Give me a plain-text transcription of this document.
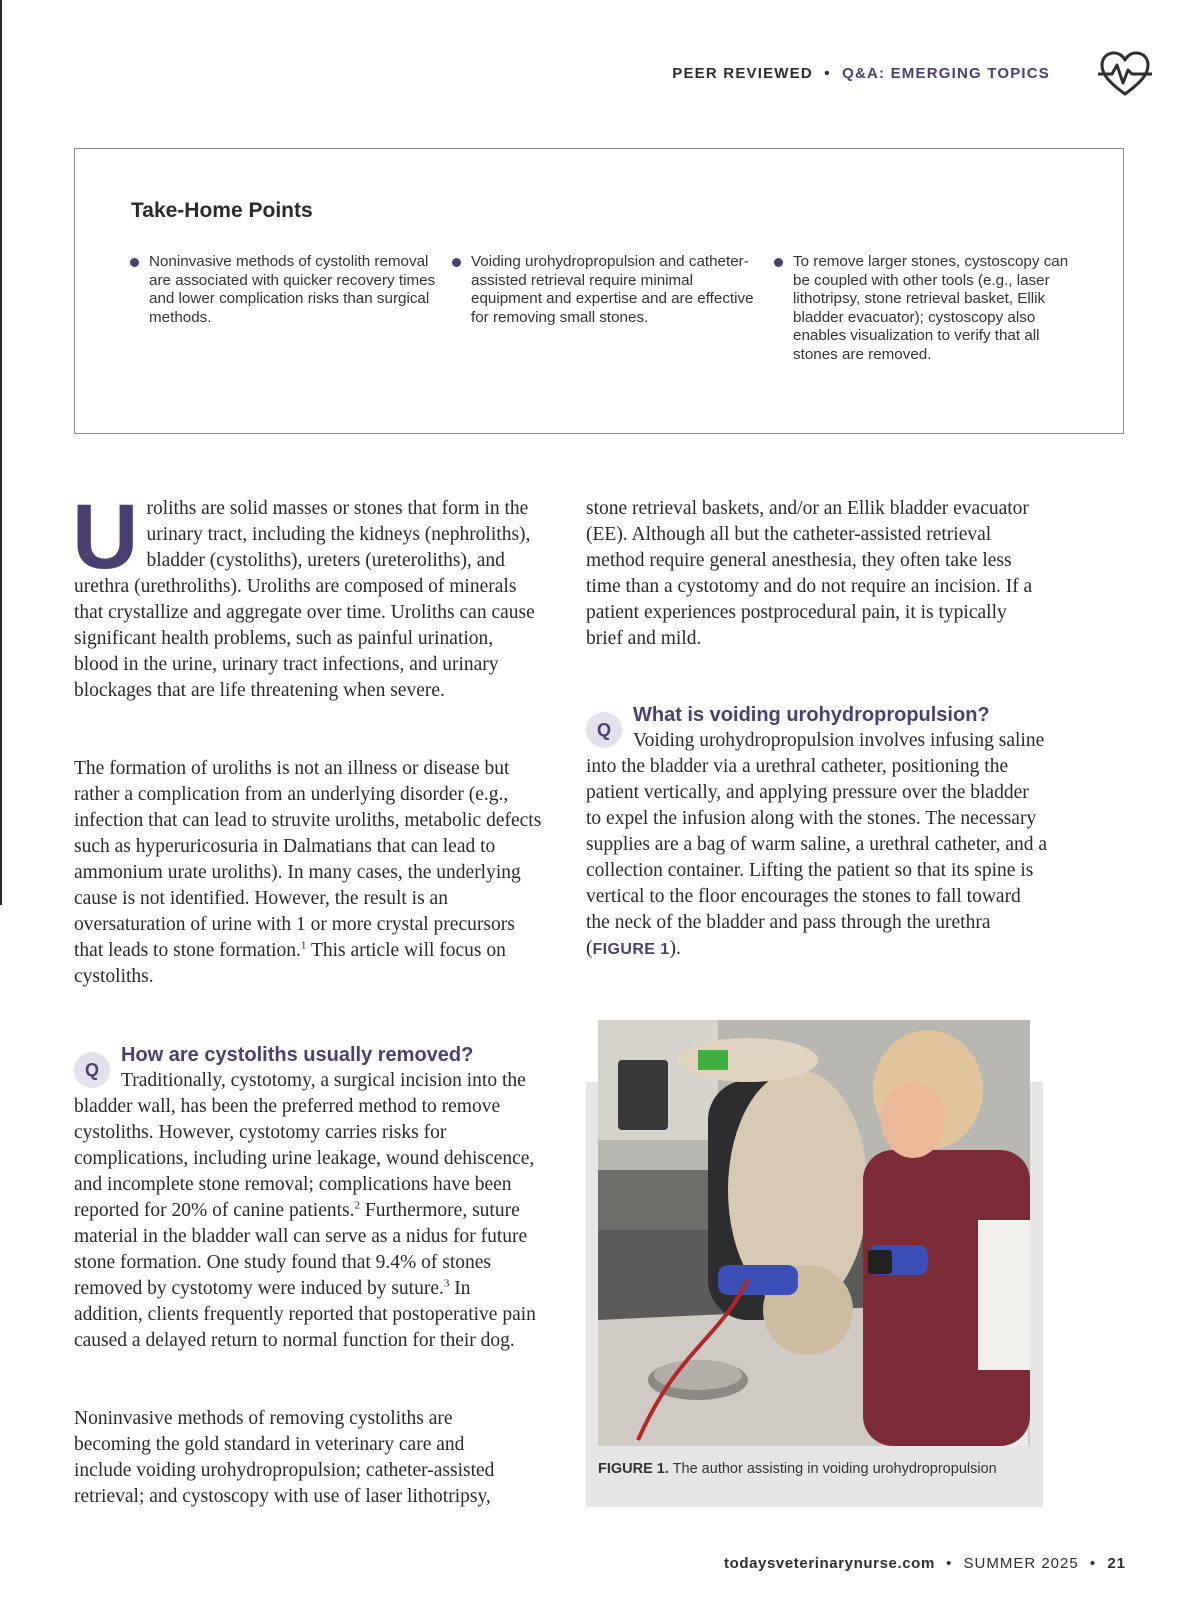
PEER REVIEWED • Q&A: EMERGING TOPICS
Take-Home Points
Noninvasive methods of cystolith removal are associated with quicker recovery times and lower complication risks than surgical methods.
Voiding urohydropropulsion and catheter-assisted retrieval require minimal equipment and expertise and are effective for removing small stones.
To remove larger stones, cystoscopy can be coupled with other tools (e.g., laser lithotripsy, stone retrieval basket, Ellik bladder evacuator); cystoscopy also enables visualization to verify that all stones are removed.

Uroliths are solid masses or stones that form in the urinary tract, including the kidneys (nephroliths), bladder (cystoliths), ureters (ureteroliths), and urethra (urethroliths). Uroliths are composed of minerals that crystallize and aggregate over time. Uroliths can cause significant health problems, such as painful urination, blood in the urine, urinary tract infections, and urinary blockages that are life threatening when severe.

The formation of uroliths is not an illness or disease but rather a complication from an underlying disorder (e.g., infection that can lead to struvite uroliths, metabolic defects such as hyperuricosuria in Dalmatians that can lead to ammonium urate uroliths). In many cases, the underlying cause is not identified. However, the result is an oversaturation of urine with 1 or more crystal precursors that leads to stone formation.$^1$ This article will focus on cystoliths.

Q
How are cystoliths usually removed?

Traditionally, cystotomy, a surgical incision into the bladder wall, has been the preferred method to remove cystoliths. However, cystotomy carries risks for complications, including urine leakage, wound dehiscence, and incomplete stone removal; complications have been reported for 20% of canine patients.$^2$ Furthermore, suture material in the bladder wall can serve as a nidus for future stone formation. One study found that 9.4% of stones removed by cystotomy were induced by suture.$^3$ In addition, clients frequently reported that postoperative pain caused a delayed return to normal function for their dog.

Noninvasive methods of removing cystoliths are becoming the gold standard in veterinary care and include voiding urohydropropulsion; catheter-assisted retrieval; and cystoscopy with use of laser lithotripsy,

stone retrieval baskets, and/or an Ellik bladder evacuator (EE). Although all but the catheter-assisted retrieval method require general anesthesia, they often take less time than a cystotomy and do not require an incision. If a patient experiences postprocedural pain, it is typically brief and mild.

Q
What is voiding urohydropropulsion?

Voiding urohydropropulsion involves infusing saline into the bladder via a urethral catheter, positioning the patient vertically, and applying pressure over the bladder to expel the infusion along with the stones. The necessary supplies are a bag of warm saline, a urethral catheter, and a collection container. Lifting the patient so that its spine is vertical to the floor encourages the stones to fall toward the neck of the bladder and pass through the urethra (FIGURE 1).

FIGURE 1. The author assisting in voiding urohydropropulsion

todaysveterinarynurse.com • SUMMER 2025 • 21
